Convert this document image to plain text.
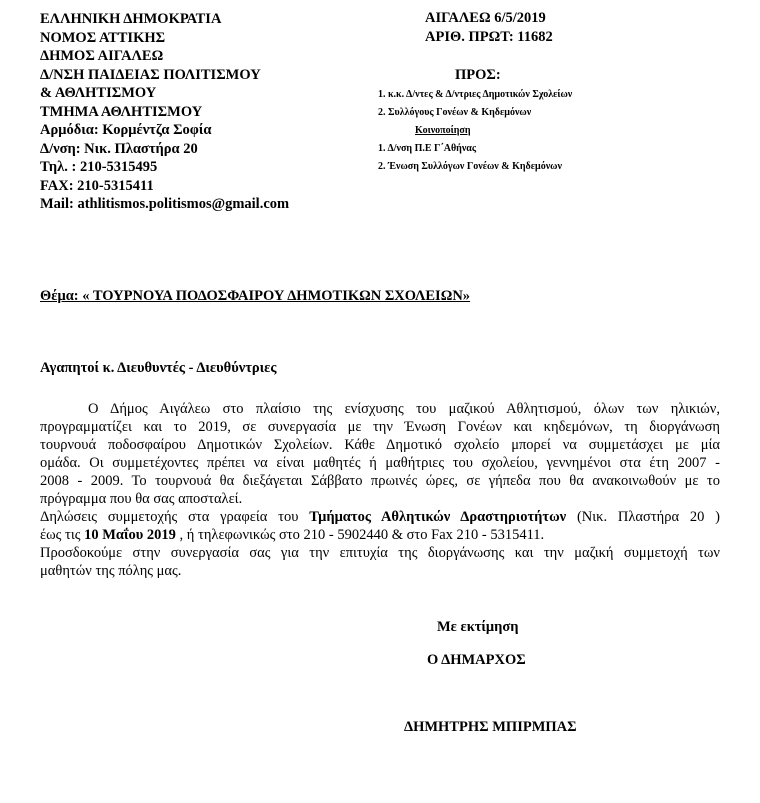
ΕΛΛΗΝΙΚΗ ΔΗΜΟΚΡΑΤΙΑ
ΝΟΜΟΣ ΑΤΤΙΚΗΣ
ΔΗΜΟΣ ΑΙΓΑΛΕΩ
Δ/ΝΣΗ ΠΑΙΔΕΙΑΣ ΠΟΛΙΤΙΣΜΟΥ
& ΑΘΛΗΤΙΣΜΟΥ
ΤΜΗΜΑ ΑΘΛΗΤΙΣΜΟΥ
Αρμόδια: Κορμέντζα Σοφία
Δ/νση: Νικ. Πλαστήρα 20
Τηλ. : 210-5315495
FAX: 210-5315411
Mail: athlitismos.politismos@gmail.com
ΑΙΓΑΛΕΩ 6/5/2019
ΑΡΙΘ. ΠΡΩΤ: 11682
ΠΡΟΣ:
1. κ.κ. Δ/ντες & Δ/ντριες Δημοτικών Σχολείων
2. Συλλόγους Γονέων & Κηδεμόνων
Κοινοποίηση
1. Δ/νση Π.Ε Γ΄Αθήνας
2. Ένωση Συλλόγων Γονέων & Κηδεμόνων
Θέμα: « ΤΟΥΡΝΟΥΑ ΠΟΔΟΣΦΑΙΡΟΥ ΔΗΜΟΤΙΚΩΝ ΣΧΟΛΕΙΩΝ»
Αγαπητοί κ. Διευθυντές - Διευθύντριες
Ο Δήμος Αιγάλεω στο πλαίσιο της ενίσχυσης του μαζικού Αθλητισμού, όλων των ηλικιών,
προγραμματίζει και το 2019, σε συνεργασία με την Ένωση Γονέων και κηδεμόνων, τη διοργάνωση
τουρνουά ποδοσφαίρου Δημοτικών Σχολείων. Κάθε Δημοτικό σχολείο μπορεί να συμμετάσχει με μία
ομάδα. Οι συμμετέχοντες πρέπει να είναι μαθητές ή μαθήτριες του σχολείου, γεννημένοι στα έτη 2007 -
2008 - 2009. Το τουρνουά θα διεξάγεται Σάββατο πρωινές ώρες, σε γήπεδα που θα ανακοινωθούν με το
πρόγραμμα που θα σας αποσταλεί.
Δηλώσεις συμμετοχής στα γραφεία του Τμήματος Αθλητικών Δραστηριοτήτων (Νικ. Πλαστήρα 20 )
έως τις 10 Μαΐου 2019 , ή τηλεφωνικώς στο 210 - 5902440 & στο Fax 210 - 5315411.
Προσδοκούμε στην συνεργασία σας για την επιτυχία της διοργάνωσης και την μαζική συμμετοχή των
μαθητών της πόλης μας.
Με εκτίμηση
Ο ΔΗΜΑΡΧΟΣ
ΔΗΜΗΤΡΗΣ ΜΠΙΡΜΠΑΣ
